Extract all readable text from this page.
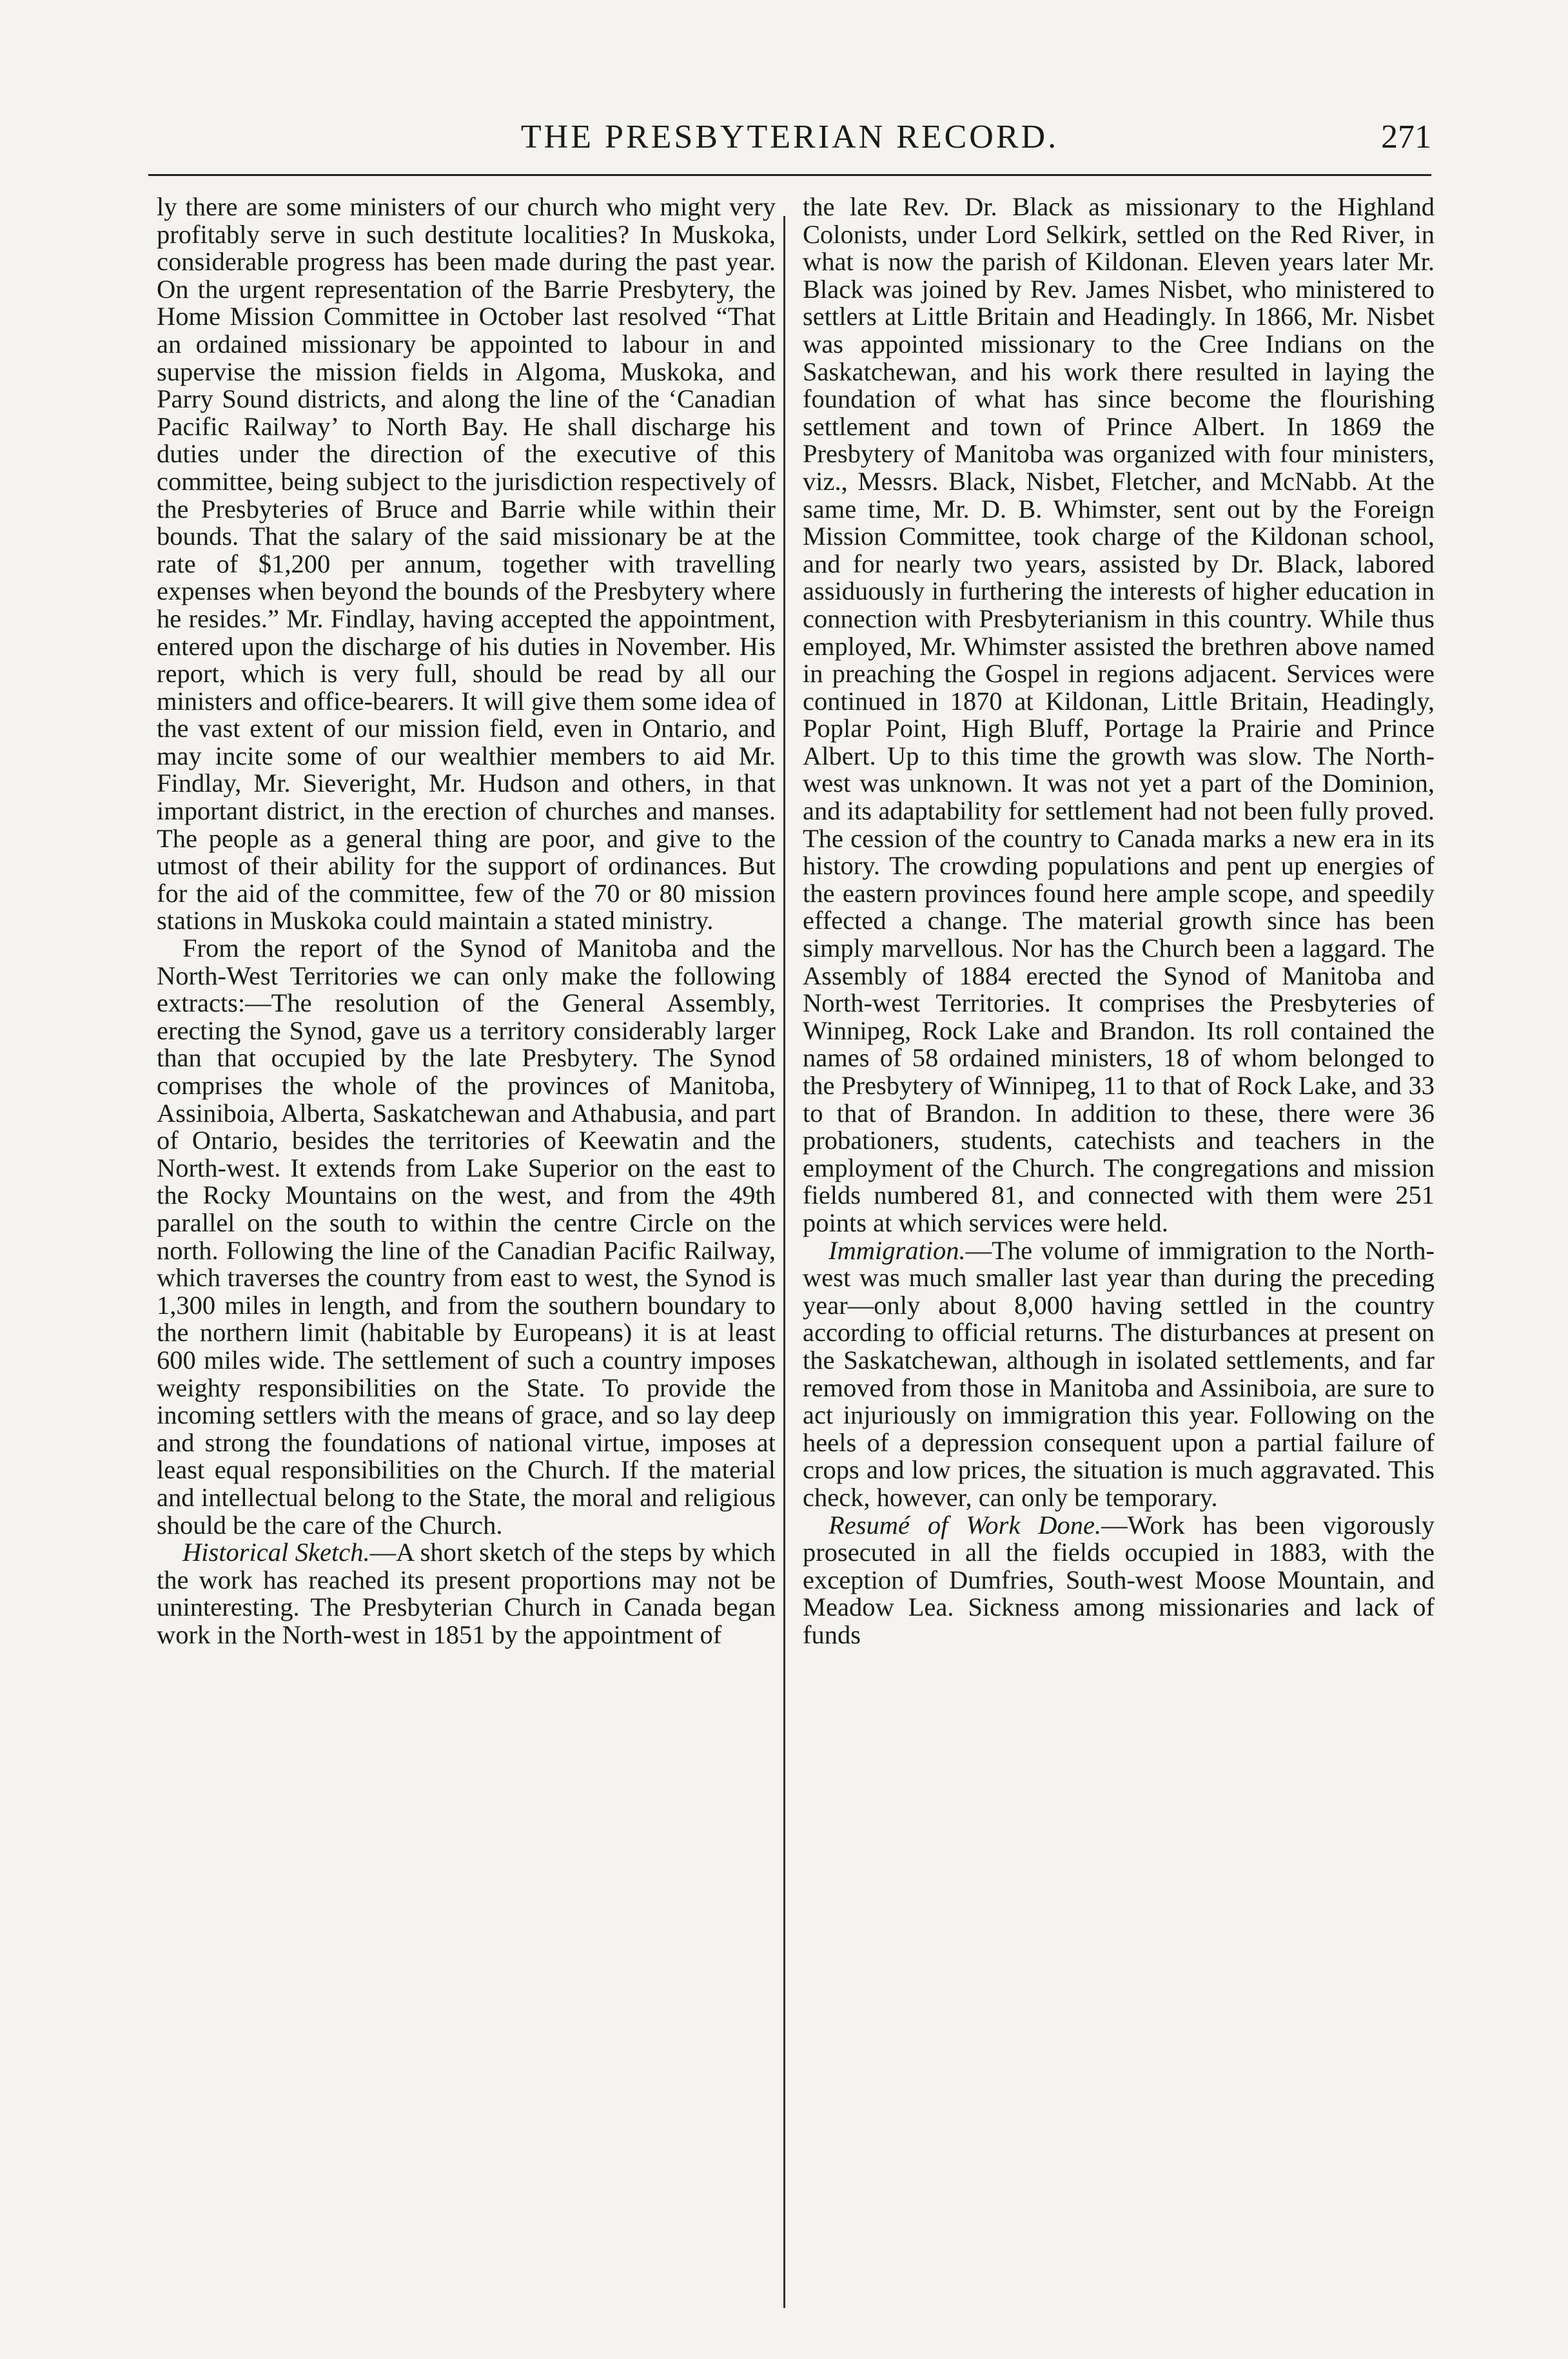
THE PRESBYTERIAN RECORD.	271

ly there are some ministers of our church who might very profitably serve in such destitute localities? In Muskoka, considerable progress has been made during the past year. On the urgent representation of the Barrie Presbytery, the Home Mission Committee in October last resolved “That an ordained missionary be appointed to labour in and supervise the mission fields in Algoma, Muskoka, and Parry Sound districts, and along the line of the ‘Canadian Pacific Railway’ to North Bay. He shall discharge his duties under the direction of the executive of this committee, being subject to the jurisdiction respectively of the Presbyteries of Bruce and Barrie while within their bounds. That the salary of the said missionary be at the rate of $1,200 per annum, together with travelling expenses when beyond the bounds of the Presbytery where he resides.” Mr. Findlay, having accepted the appointment, entered upon the discharge of his duties in November. His report, which is very full, should be read by all our ministers and office-bearers. It will give them some idea of the vast extent of our mission field, even in Ontario, and may incite some of our wealthier members to aid Mr. Findlay, Mr. Sieveright, Mr. Hudson and others, in that important district, in the erection of churches and manses. The people as a general thing are poor, and give to the utmost of their ability for the support of ordinances. But for the aid of the committee, few of the 70 or 80 mission stations in Muskoka could maintain a stated ministry.

From the report of the Synod of Manitoba and the North-West Territories we can only make the following extracts:—The resolution of the General Assembly, erecting the Synod, gave us a territory considerably larger than that occupied by the late Presbytery. The Synod comprises the whole of the provinces of Manitoba, Assiniboia, Alberta, Saskatchewan and Athabusia, and part of Ontario, besides the territories of Keewatin and the North-west. It extends from Lake Superior on the east to the Rocky Mountains on the west, and from the 49th parallel on the south to within the centre Circle on the north. Following the line of the Canadian Pacific Railway, which traverses the country from east to west, the Synod is 1,300 miles in length, and from the southern boundary to the northern limit (habitable by Europeans) it is at least 600 miles wide. The settlement of such a country imposes weighty responsibilities on the State. To provide the incoming settlers with the means of grace, and so lay deep and strong the foundations of national virtue, imposes at least equal responsibilities on the Church. If the material and intellectual belong to the State, the moral and religious should be the care of the Church.

Historical Sketch.—A short sketch of the steps by which the work has reached its present proportions may not be uninteresting. The Presbyterian Church in Canada began work in the North-west in 1851 by the appointment of

the late Rev. Dr. Black as missionary to the Highland Colonists, under Lord Selkirk, settled on the Red River, in what is now the parish of Kildonan. Eleven years later Mr. Black was joined by Rev. James Nisbet, who ministered to settlers at Little Britain and Headingly. In 1866, Mr. Nisbet was appointed missionary to the Cree Indians on the Saskatchewan, and his work there resulted in laying the foundation of what has since become the flourishing settlement and town of Prince Albert. In 1869 the Presbytery of Manitoba was organized with four ministers, viz., Messrs. Black, Nisbet, Fletcher, and McNabb. At the same time, Mr. D. B. Whimster, sent out by the Foreign Mission Committee, took charge of the Kildonan school, and for nearly two years, assisted by Dr. Black, labored assiduously in furthering the interests of higher education in connection with Presbyterianism in this country. While thus employed, Mr. Whimster assisted the brethren above named in preaching the Gospel in regions adjacent. Services were continued in 1870 at Kildonan, Little Britain, Headingly, Poplar Point, High Bluff, Portage la Prairie and Prince Albert. Up to this time the growth was slow. The North-west was unknown. It was not yet a part of the Dominion, and its adaptability for settlement had not been fully proved. The cession of the country to Canada marks a new era in its history. The crowding populations and pent up energies of the eastern provinces found here ample scope, and speedily effected a change. The material growth since has been simply marvellous. Nor has the Church been a laggard. The Assembly of 1884 erected the Synod of Manitoba and North-west Territories. It comprises the Presbyteries of Winnipeg, Rock Lake and Brandon. Its roll contained the names of 58 ordained ministers, 18 of whom belonged to the Presbytery of Winnipeg, 11 to that of Rock Lake, and 33 to that of Brandon. In addition to these, there were 36 probationers, students, catechists and teachers in the employment of the Church. The congregations and mission fields numbered 81, and connected with them were 251 points at which services were held.

Immigration.—The volume of immigration to the North-west was much smaller last year than during the preceding year—only about 8,000 having settled in the country according to official returns. The disturbances at present on the Saskatchewan, although in isolated settlements, and far removed from those in Manitoba and Assiniboia, are sure to act injuriously on immigration this year. Following on the heels of a depression consequent upon a partial failure of crops and low prices, the situation is much aggravated. This check, however, can only be temporary.

Resumé of Work Done.—Work has been vigorously prosecuted in all the fields occupied in 1883, with the exception of Dumfries, South-west Moose Mountain, and Meadow Lea. Sickness among missionaries and lack of funds
